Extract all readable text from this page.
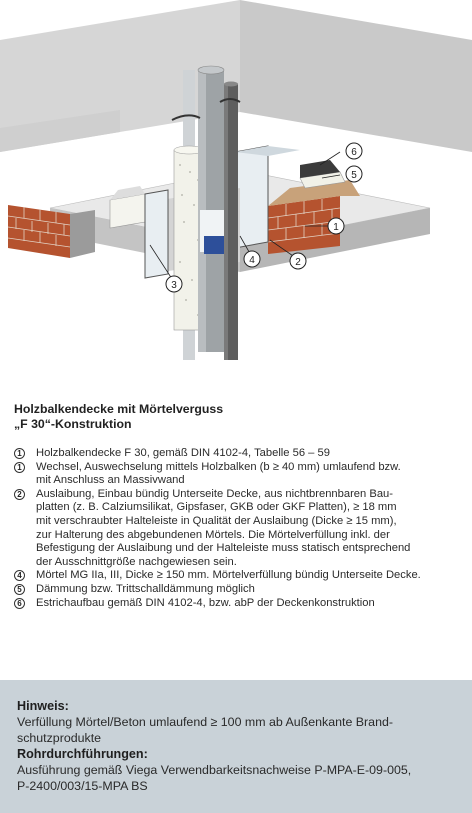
1
2
3
4
5
6
Holzbalkendecke mit Mörtelverguss
„F 30“-Konstruktion
1 Holzbalkendecke F 30, gemäß DIN 4102-4, Tabelle 56 – 59
1 Wechsel, Auswechselung mittels Holzbalken (b ≥ 40 mm) umlaufend bzw.
mit Anschluss an Massivwand
2 Auslaibung, Einbau bündig Unterseite Decke, aus nichtbrennbaren Bau-
platten (z. B. Calziumsilikat, Gipsfaser, GKB oder GKF Platten), ≥ 18 mm
mit verschraubter Halteleiste in Qualität der Auslaibung (Dicke ≥ 15 mm),
zur Halterung des abgebundenen Mörtels. Die Mörtelverfüllung inkl. der
Befestigung der Auslaibung und der Halteleiste muss statisch entsprechend
der Ausschnittgröße nachgewiesen sein.
4 Mörtel MG IIa, III, Dicke ≥ 150 mm. Mörtelverfüllung bündig Unterseite Decke.
5 Dämmung bzw. Trittschalldämmung möglich
6 Estrichaufbau gemäß DIN 4102-4, bzw. abP der Deckenkonstruktion
Hinweis:
Verfüllung Mörtel/Beton umlaufend ≥ 100 mm ab Außenkante Brand-
schutzprodukte
Rohrdurchführungen:
Ausführung gemäß Viega Verwendbarkeitsnachweise P-MPA-E-09-005,
P-2400/003/15-MPA BS
